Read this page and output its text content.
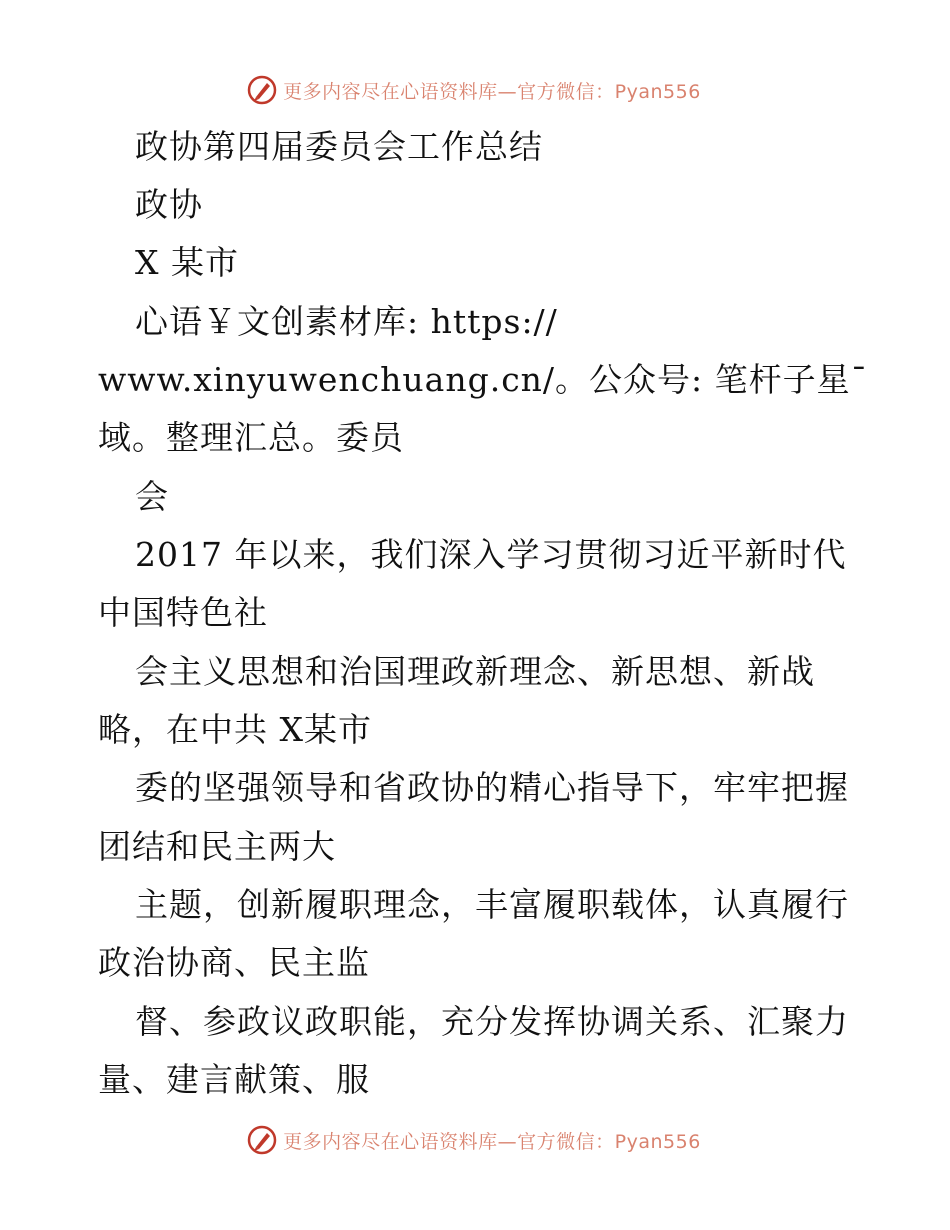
更多内容尽在心语资料库—官方微信：Pyan556
政协第四届委员会工作总结
政协
X 某市
心语￥文创素材库: https://
www.xinyuwenchuang.cn/。公众号: 笔杆子星¯
域。整理汇总。委员
会
2017 年以来，我们深入学习贯彻习近平新时代
中国特色社
会主义思想和治国理政新理念、新思想、新战
略，在中共 X某市
委的坚强领导和省政协的精心指导下，牢牢把握
团结和民主两大
主题，创新履职理念，丰富履职载体，认真履行
政治协商、民主监
督、参政议政职能，充分发挥协调关系、汇聚力
量、建言献策、服
更多内容尽在心语资料库—官方微信：Pyan556
